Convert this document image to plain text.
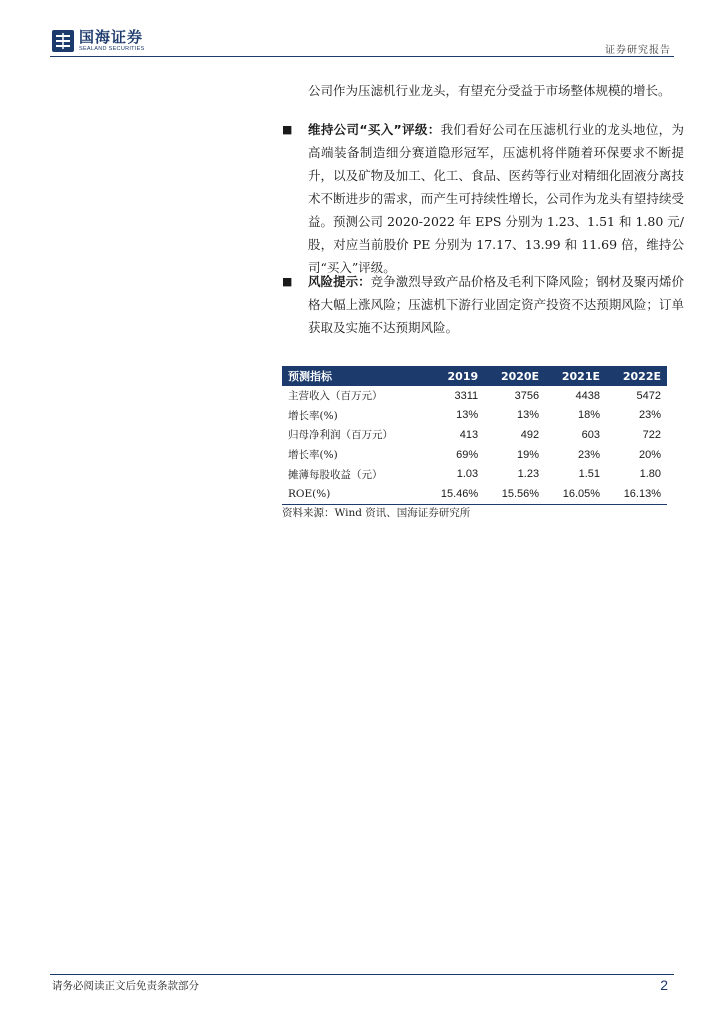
国海证券
SEALAND SECURITIES	证券研究报告
公司作为压滤机行业龙头，有望充分受益于市场整体规模的增长。
■ 维持公司“买入”评级：我们看好公司在压滤机行业的龙头地位，为高端装备制造细分赛道隐形冠军，压滤机将伴随着环保要求不断提升，以及矿物及加工、化工、食品、医药等行业对精细化固液分离技术不断进步的需求，而产生可持续性增长，公司作为龙头有望持续受益。预测公司 2020-2022 年 EPS 分别为 1.23、1.51 和 1.80 元/股，对应当前股价 PE 分别为 17.17、13.99 和 11.69 倍，维持公司“买入”评级。
■ 风险提示：竞争激烈导致产品价格及毛利下降风险；钢材及聚丙烯价格大幅上涨风险；压滤机下游行业固定资产投资不达预期风险；订单获取及实施不达预期风险。
预测指标	2019	2020E	2021E	2022E
主营收入（百万元）	3311	3756	4438	5472
增长率(%)	13%	13%	18%	23%
归母净利润（百万元）	413	492	603	722
增长率(%)	69%	19%	23%	20%
摊薄每股收益（元）	1.03	1.23	1.51	1.80
ROE(%)	15.46%	15.56%	16.05%	16.13%
资料来源：Wind 资讯、国海证券研究所
请务必阅读正文后免责条款部分	2
